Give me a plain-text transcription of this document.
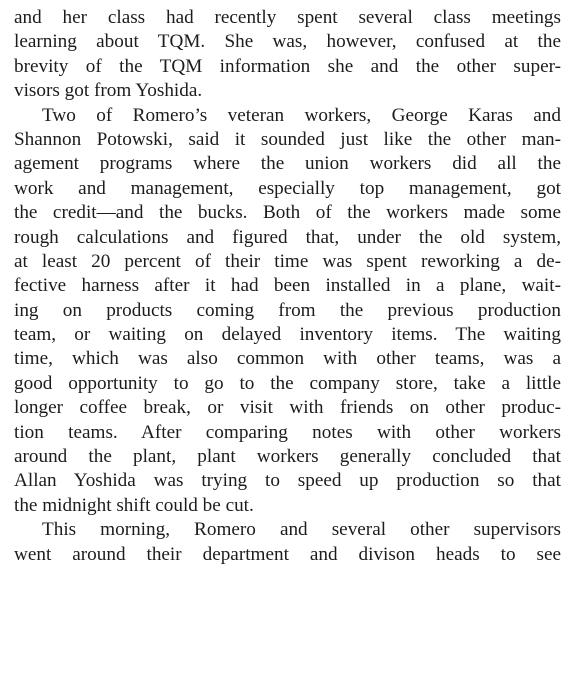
and her class had recently spent several class meetings
learning about TQM. She was, however, confused at the
brevity of the TQM information she and the other super-
visors got from Yoshida.
Two of Romero’s veteran workers, George Karas and
Shannon Potowski, said it sounded just like the other man-
agement programs where the union workers did all the
work and management, especially top management, got
the credit—and the bucks. Both of the workers made some
rough calculations and figured that, under the old system,
at least 20 percent of their time was spent reworking a de-
fective harness after it had been installed in a plane, wait-
ing on products coming from the previous production
team, or waiting on delayed inventory items. The waiting
time, which was also common with other teams, was a
good opportunity to go to the company store, take a little
longer coffee break, or visit with friends on other produc-
tion teams. After comparing notes with other workers
around the plant, plant workers generally concluded that
Allan Yoshida was trying to speed up production so that
the midnight shift could be cut.
This morning, Romero and several other supervisors
went around their department and divison heads to see
